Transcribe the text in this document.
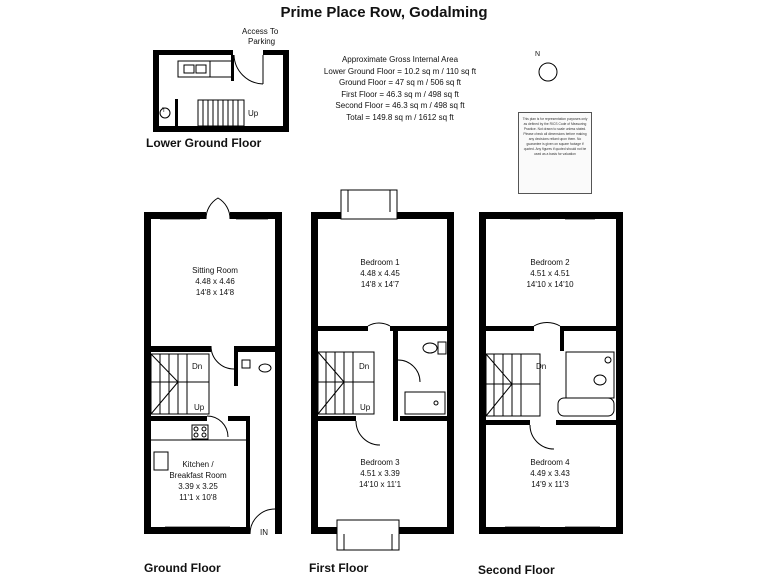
Prime Place Row, Godalming
Approximate Gross Internal Area
Lower Ground Floor = 10.2 sq m / 110 sq ft
Ground Floor = 47 sq m / 506 sq ft
First Floor = 46.3 sq m / 498 sq ft
Second Floor = 46.3 sq m / 498 sq ft
Total = 149.8 sq m / 1612 sq ft	This plan is for representation purposes only as defined by the RICS Code of Measuring Practice. Not drawn to scale unless stated. Please check all dimensions before making any decisions reliant upon them. No guarantee is given on square footage if quoted. Any figures if quoted should not be used as a basis for valuation
N
Access To
Parking
Up
T
Lower Ground Floor
Sitting Room
4.48 x 4.46
14'8 x 14'8
Dn
Up
Kitchen /
Breakfast Room
3.39 x 3.25
11'1 x 10'8
IN
Ground Floor
Bedroom 1
4.48 x 4.45
14'8 x 14'7
Dn
Up
Bedroom 3
4.51 x 3.39
14'10 x 11'1
First Floor
Bedroom 2
4.51 x 4.51
14'10 x 14'10
Dn
Bedroom 4
4.49 x 3.43
14'9 x 11'3
Second Floor
